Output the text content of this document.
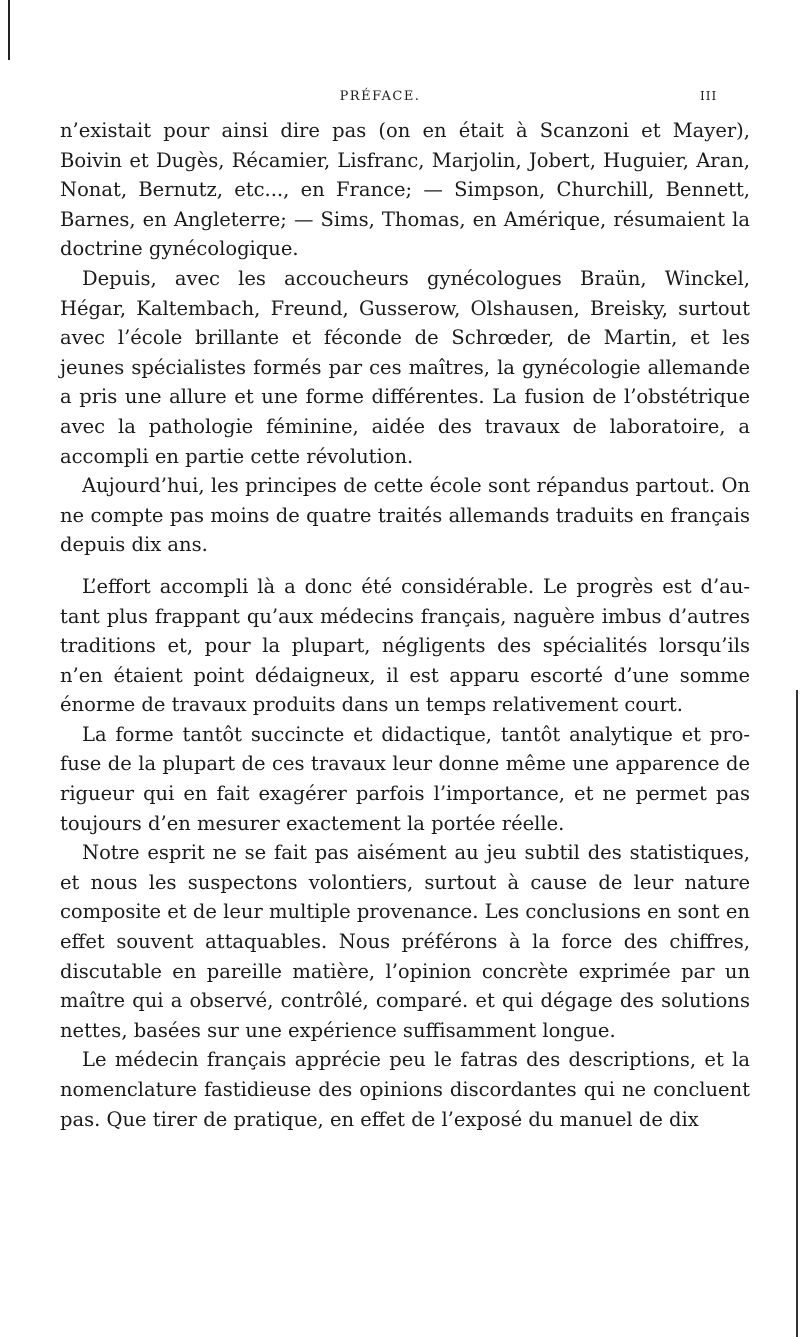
PRÉFACE.	III

n’existait pour ainsi dire pas (on en était à Scanzoni et Mayer), Boivin et Dugès, Récamier, Lisfranc, Marjolin, Jobert, Huguier, Aran, Nonat, Bernutz, etc..., en France; — Simpson, Churchill, Bennett, Barnes, en Angleterre; — Sims, Thomas, en Amérique, résumaient la doctrine gynécologique.

Depuis, avec les accoucheurs gynécologues Braün, Winckel, Hégar, Kaltembach, Freund, Gusserow, Olshausen, Breisky, surtout avec l’école brillante et féconde de Schrœder, de Martin, et les jeunes spécialistes formés par ces maîtres, la gynécologie allemande a pris une allure et une forme différentes. La fusion de l’obstétrique avec la pathologie féminine, aidée des travaux de laboratoire, a accompli en partie cette révolution.

Aujourd’hui, les principes de cette école sont répandus partout. On ne compte pas moins de quatre traités allemands traduits en français depuis dix ans.

L’effort accompli là a donc été considérable. Le progrès est d’au-tant plus frappant qu’aux médecins français, naguère imbus d’autres traditions et, pour la plupart, négligents des spécialités lorsqu’ils n’en étaient point dédaigneux, il est apparu escorté d’une somme énorme de travaux produits dans un temps relativement court.

La forme tantôt succincte et didactique, tantôt analytique et pro-fuse de la plupart de ces travaux leur donne même une apparence de rigueur qui en fait exagérer parfois l’importance, et ne permet pas toujours d’en mesurer exactement la portée réelle.

Notre esprit ne se fait pas aisément au jeu subtil des statistiques, et nous les suspectons volontiers, surtout à cause de leur nature composite et de leur multiple provenance. Les conclusions en sont en effet souvent attaquables. Nous préférons à la force des chiffres, discutable en pareille matière, l’opinion concrète exprimée par un maître qui a observé, contrôlé, comparé. et qui dégage des solutions nettes, basées sur une expérience suffisamment longue.

Le médecin français apprécie peu le fatras des descriptions, et la nomenclature fastidieuse des opinions discordantes qui ne concluent pas. Que tirer de pratique, en effet de l’exposé du manuel de dix
